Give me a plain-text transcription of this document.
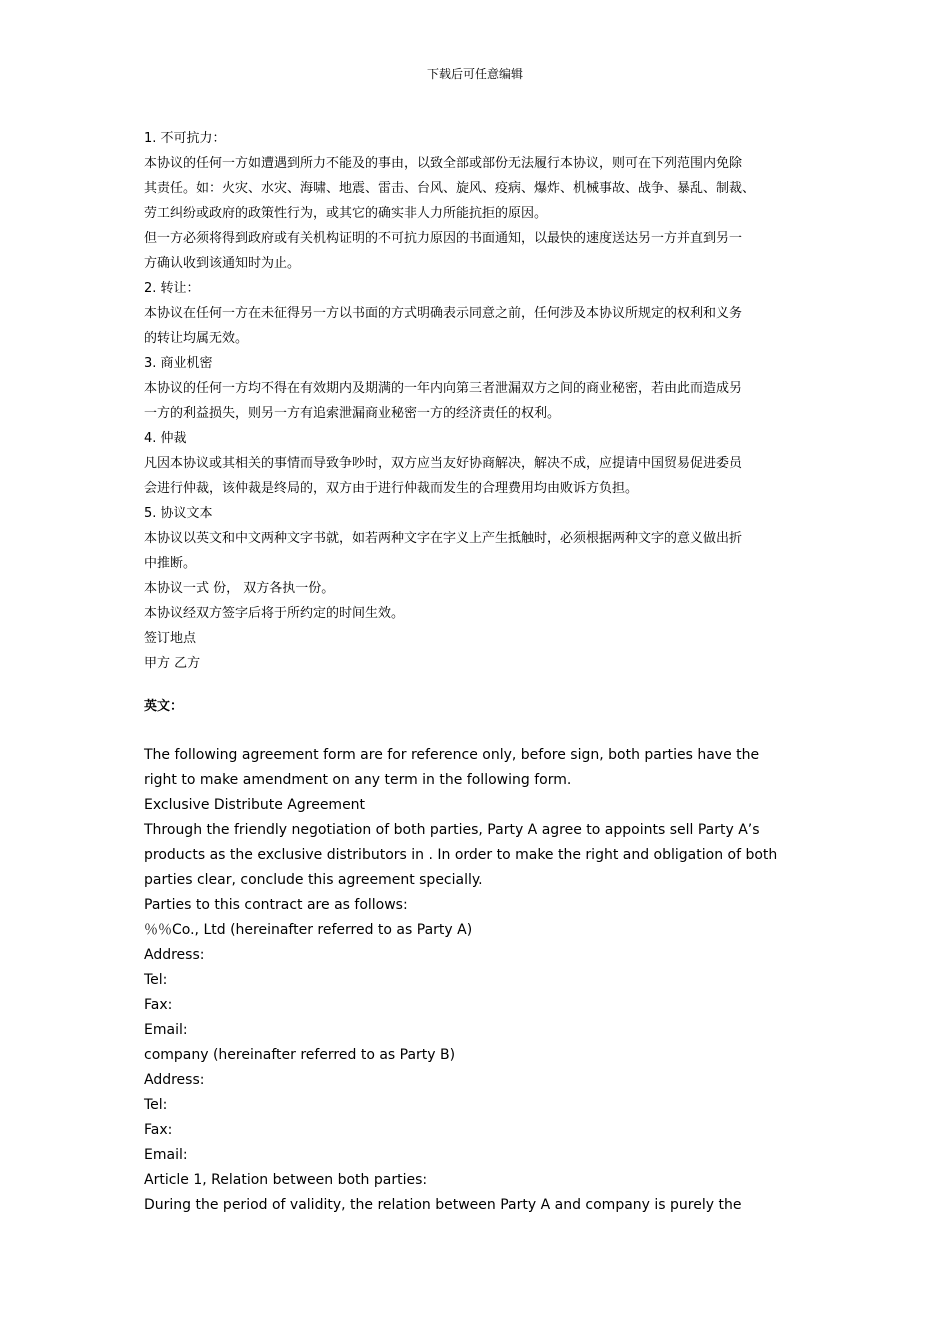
下载后可任意编辑

1. 不可抗力：

本协议的任何一方如遭遇到所力不能及的事由，以致全部或部份无法履行本协议，则可在下列范围内免除

其责任。如：火灾、水灾、海啸、地震、雷击、台风、旋风、疫病、爆炸、机械事故、战争、暴乱、制裁、

劳工纠纷或政府的政策性行为，或其它的确实非人力所能抗拒的原因。

但一方必须将得到政府或有关机构证明的不可抗力原因的书面通知，以最快的速度送达另一方并直到另一

方确认收到该通知时为止。

2. 转让：

本协议在任何一方在未征得另一方以书面的方式明确表示同意之前，任何涉及本协议所规定的权利和义务

的转让均属无效。

3. 商业机密

本协议的任何一方均不得在有效期内及期满的一年内向第三者泄漏双方之间的商业秘密，若由此而造成另

一方的利益损失，则另一方有追索泄漏商业秘密一方的经济责任的权利。

4. 仲裁

凡因本协议或其相关的事情而导致争吵时，双方应当友好协商解决，解决不成，应提请中国贸易促进委员

会进行仲裁，该仲裁是终局的，双方由于进行仲裁而发生的合理费用均由败诉方负担。

5. 协议文本

本协议以英文和中文两种文字书就，如若两种文字在字义上产生抵触时，必须根据两种文字的意义做出折

中推断。

本协议一式 份， 双方各执一份。

本协议经双方签字后将于所约定的时间生效。

签订地点

甲方 乙方

英文：

The following agreement form are for reference only, before sign, both parties have the

right to make amendment on any term in the following form.

Exclusive Distribute Agreement

Through the friendly negotiation of both parties, Party A agree to appoints sell Party A’s

products as the exclusive distributors in . In order to make the right and obligation of both

parties clear, conclude this agreement specially.

Parties to this contract are as follows:

％％Co., Ltd (hereinafter referred to as Party A)

Address:

Tel:

Fax:

Email:

company (hereinafter referred to as Party B)

Address:

Tel:

Fax:

Email:

Article 1, Relation between both parties:

During the period of validity, the relation between Party A and company is purely the
